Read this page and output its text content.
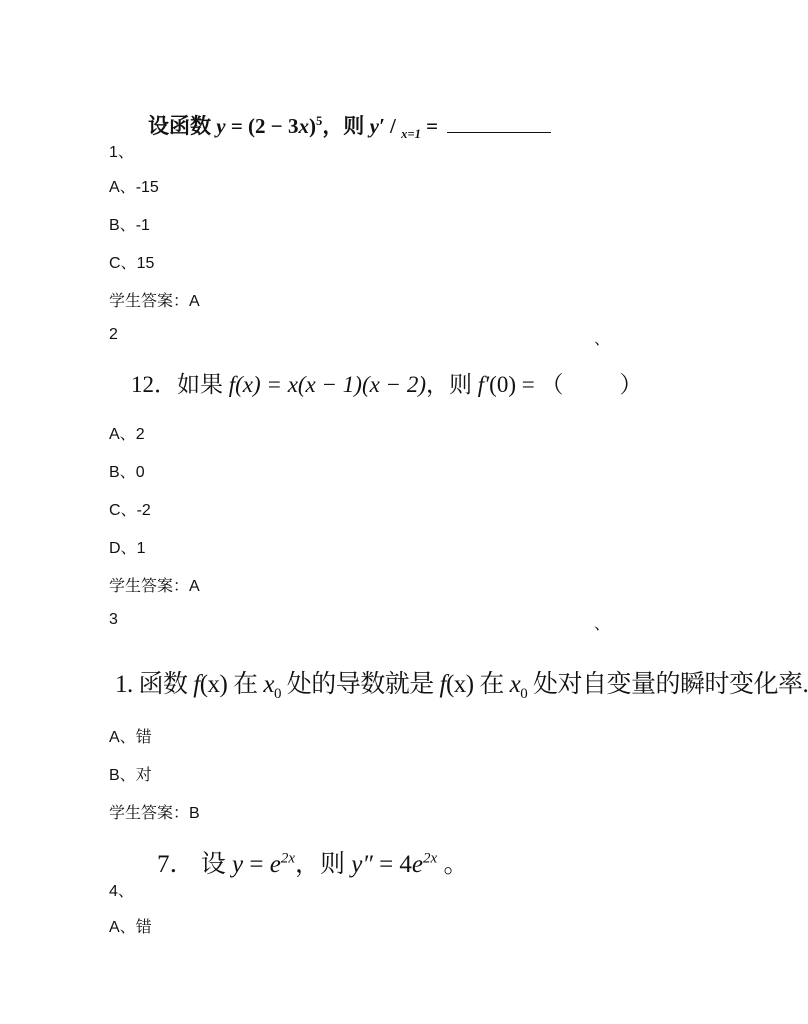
设函数 $y = (2 - 3x)^5$，则 y′ / $_{x=1}$ =
1、
A、-15
B、-1
C、15
学生答案：A
2	、
12．如果 f(x) = x(x − 1)(x − 2)，则 f′(0) = （ ）
A、2
B、0
C、-2
D、1
学生答案：A
3	、
1. 函数 f(x) 在 $x_0$ 处的导数就是 f(x) 在 $x_0$ 处对自变量的瞬时变化率.
A、错
B、对
学生答案：B
7． 设 $y = e^{2x}$，则 $y'' = 4e^{2x}$ 。
4、
A、错
